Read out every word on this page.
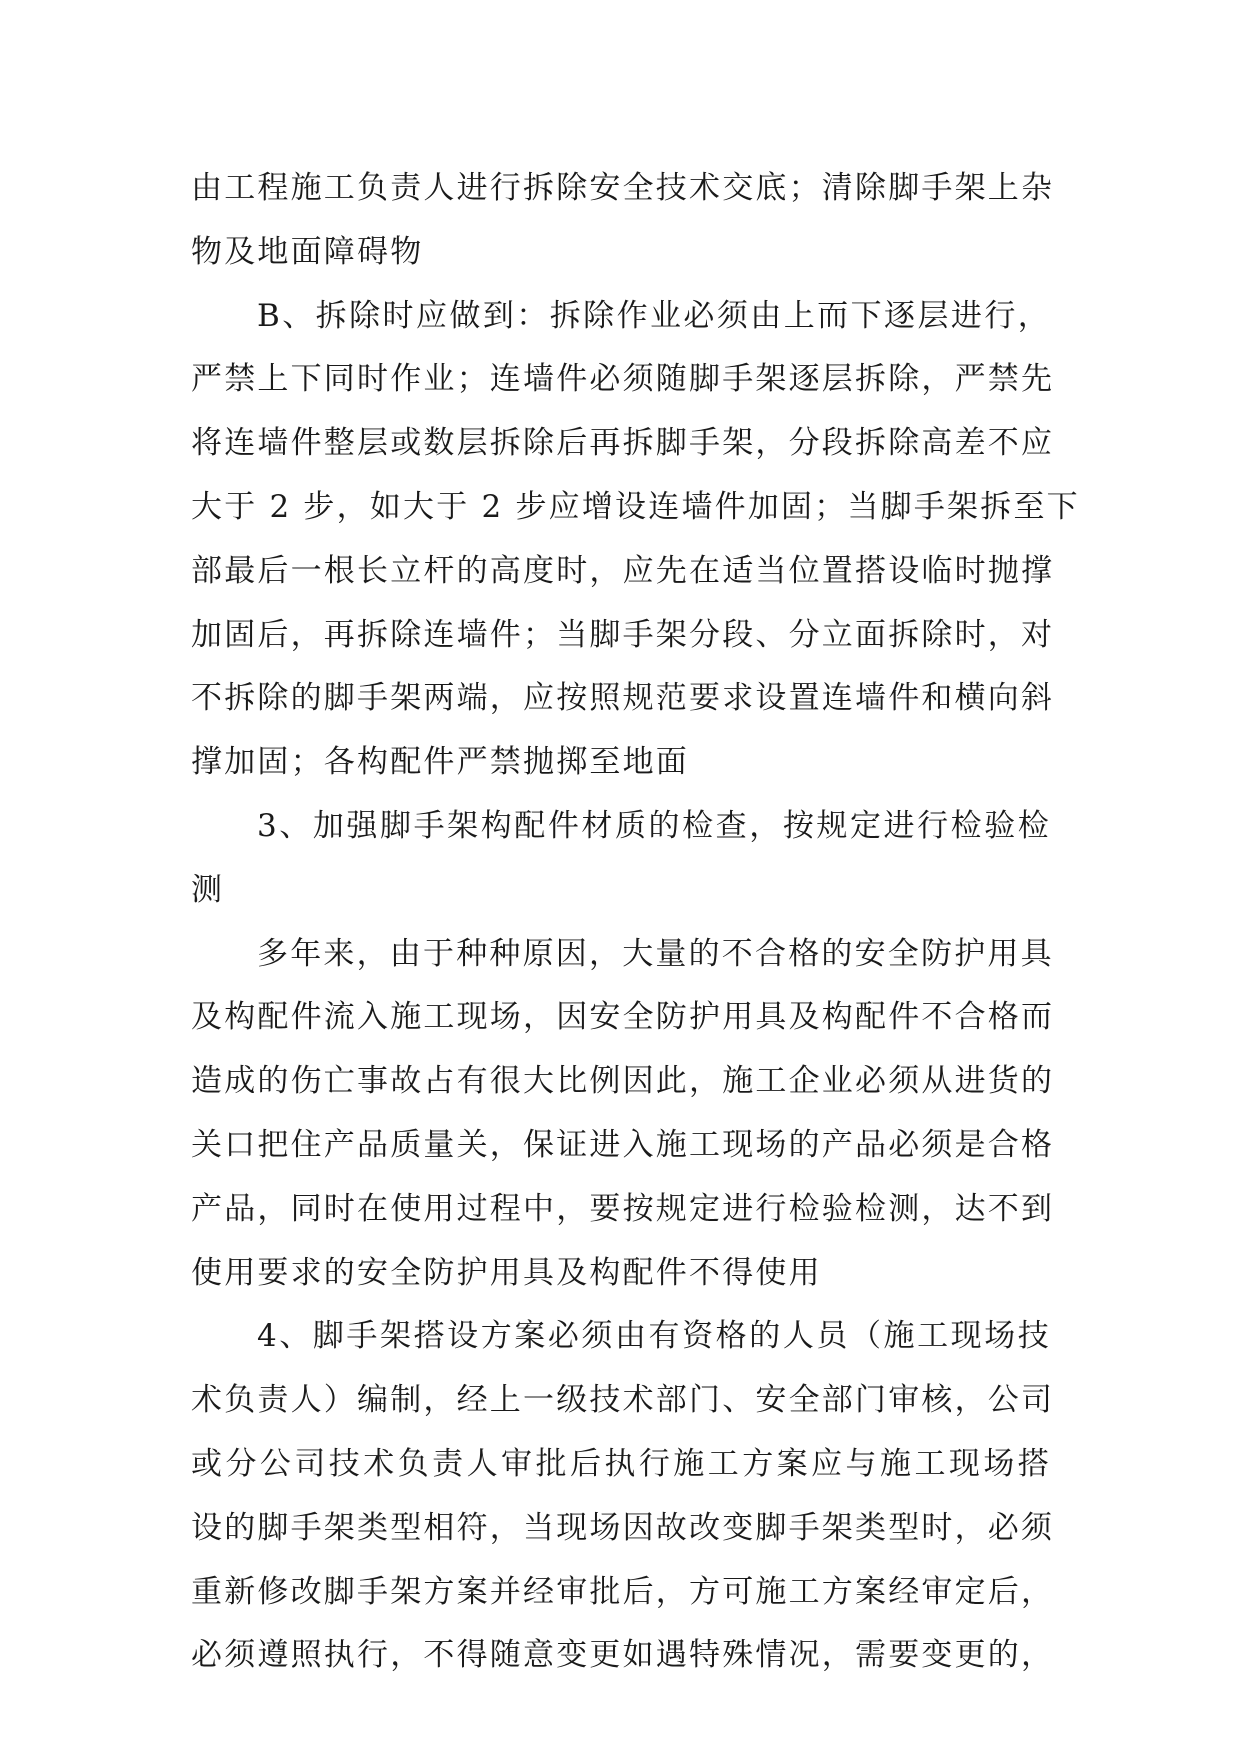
由工程施工负责人进行拆除安全技术交底；清除脚手架上杂
物及地面障碍物
B、拆除时应做到：拆除作业必须由上而下逐层进行，
严禁上下同时作业；连墙件必须随脚手架逐层拆除，严禁先
将连墙件整层或数层拆除后再拆脚手架，分段拆除高差不应
大于 2 步，如大于 2 步应增设连墙件加固；当脚手架拆至下
部最后一根长立杆的高度时，应先在适当位置搭设临时抛撑
加固后，再拆除连墙件；当脚手架分段、分立面拆除时，对
不拆除的脚手架两端，应按照规范要求设置连墙件和横向斜
撑加固；各构配件严禁抛掷至地面
3、加强脚手架构配件材质的检查，按规定进行检验检
测
多年来，由于种种原因，大量的不合格的安全防护用具
及构配件流入施工现场，因安全防护用具及构配件不合格而
造成的伤亡事故占有很大比例因此，施工企业必须从进货的
关口把住产品质量关，保证进入施工现场的产品必须是合格
产品，同时在使用过程中，要按规定进行检验检测，达不到
使用要求的安全防护用具及构配件不得使用
4、脚手架搭设方案必须由有资格的人员（施工现场技
术负责人）编制，经上一级技术部门、安全部门审核，公司
或分公司技术负责人审批后执行施工方案应与施工现场搭
设的脚手架类型相符，当现场因故改变脚手架类型时，必须
重新修改脚手架方案并经审批后，方可施工方案经审定后，
必须遵照执行，不得随意变更如遇特殊情况，需要变更的，
